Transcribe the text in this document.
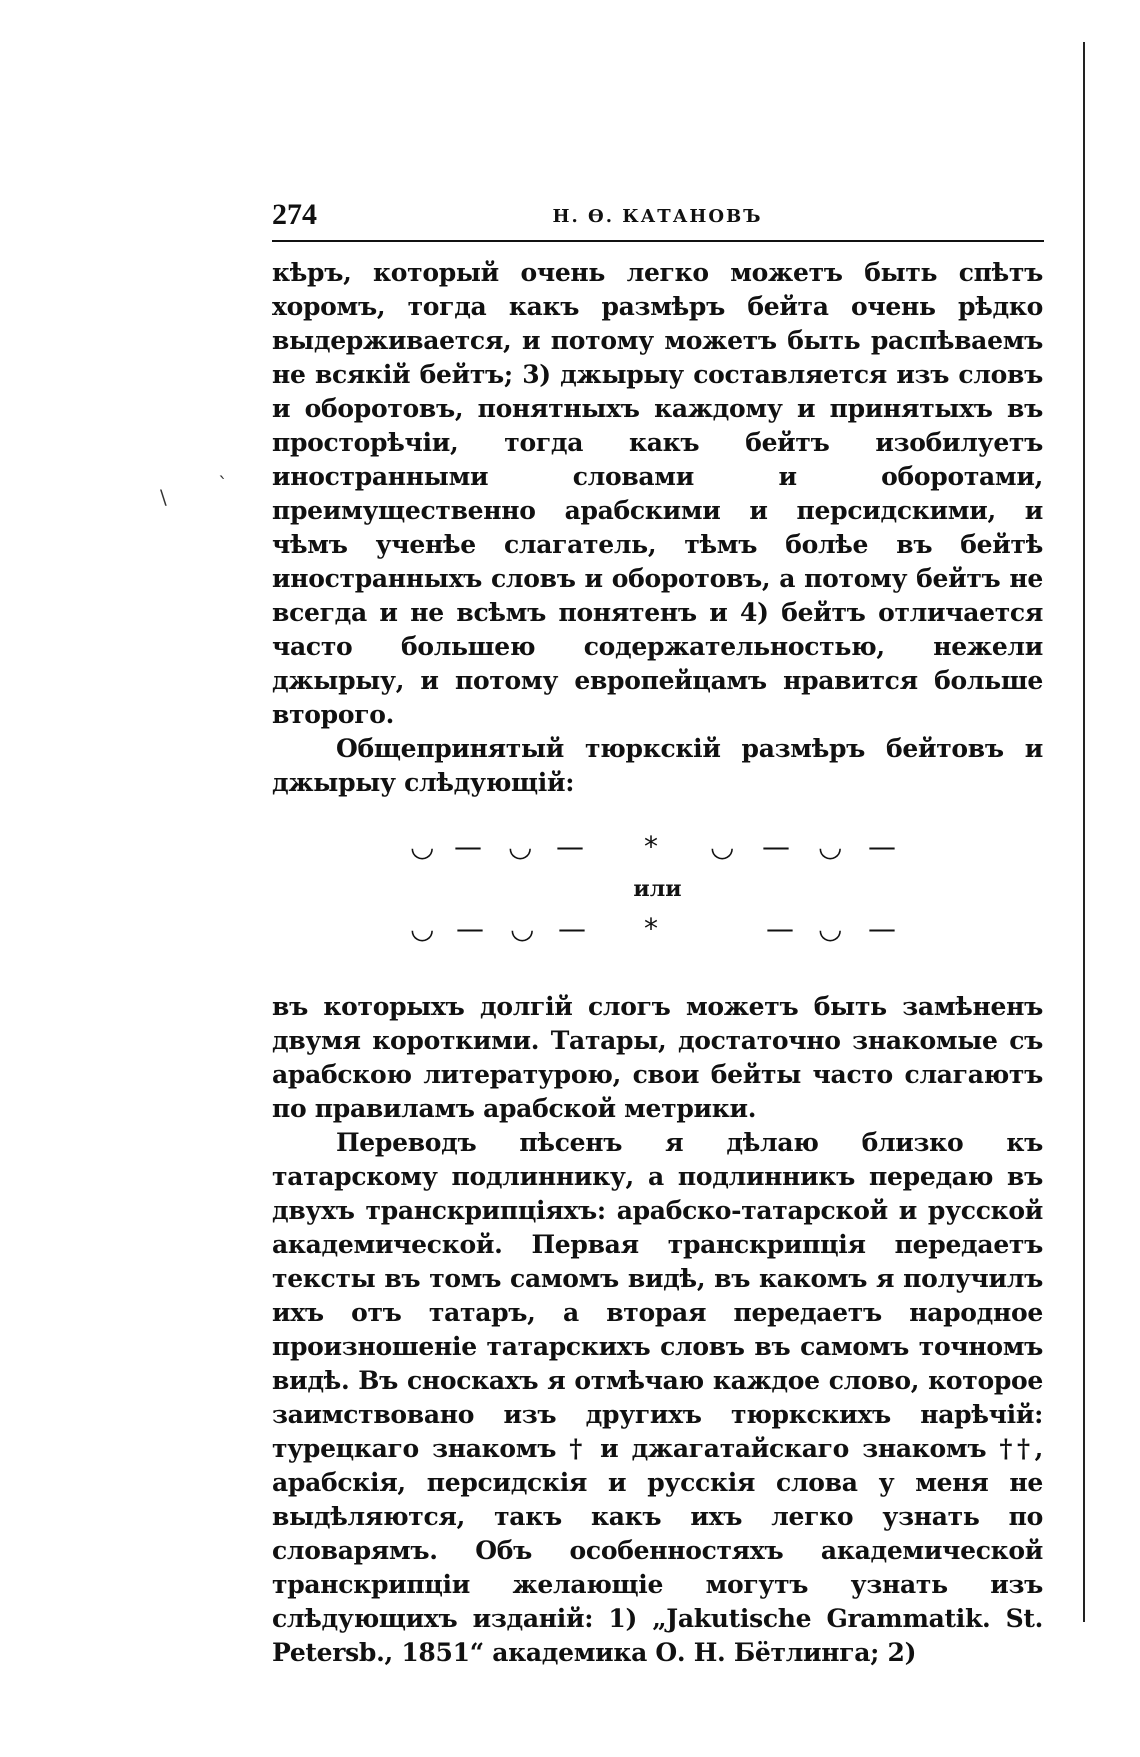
\
`
274	Н. Ѳ. КАТАНОВЪ

кѣръ, который очень легко можетъ быть спѣтъ хоромъ, тогда какъ размѣръ бейта очень рѣдко выдерживается, и потому можетъ быть распѣваемъ не всякій бейтъ; 3) джырыу составляется изъ словъ и оборотовъ, понятныхъ каждому и принятыхъ въ просторѣчіи, тогда какъ бейтъ изобилуетъ иностранными словами и оборотами, преимущественно арабскими и персидскими, и чѣмъ ученѣе слагатель, тѣмъ болѣе въ бейтѣ иностранныхъ словъ и оборотовъ, а потому бейтъ не всегда и не всѣмъ понятенъ и 4) бейтъ отличается часто большею содержательностью, нежели джырыу, и потому европейцамъ нравится больше второго.

Общепринятый тюркскій размѣръ бейтовъ и джырыу слѣдующій:

◡ — ◡ — * ◡ — ◡ —
или
◡ — ◡ — *	— ◡ —

въ которыхъ долгій слогъ можетъ быть замѣненъ двумя короткими. Татары, достаточно знакомые съ арабскою литературою, свои бейты часто слагаютъ по правиламъ арабской метрики.

Переводъ пѣсенъ я дѣлаю близко къ татарскому подлиннику, а подлинникъ передаю въ двухъ транскрипціяхъ: арабско-татарской и русской академической. Первая транскрипція передаетъ тексты въ томъ самомъ видѣ, въ какомъ я получилъ ихъ отъ татаръ, а вторая передаетъ народное произношеніе татарскихъ словъ въ самомъ точномъ видѣ. Въ сноскахъ я отмѣчаю каждое слово, которое заимствовано изъ другихъ тюркскихъ нарѣчій: турецкаго знакомъ † и джагатайскаго знакомъ ††, арабскія, персидскія и русскія слова у меня не выдѣляются, такъ какъ ихъ легко узнать по словарямъ. Объ особенностяхъ академической транскрипціи желающіе могутъ узнать изъ слѣдующихъ изданій: 1) „Jakutische Grammatik. St. Petersb., 1851“ академика О. Н. Бётлинга; 2)
